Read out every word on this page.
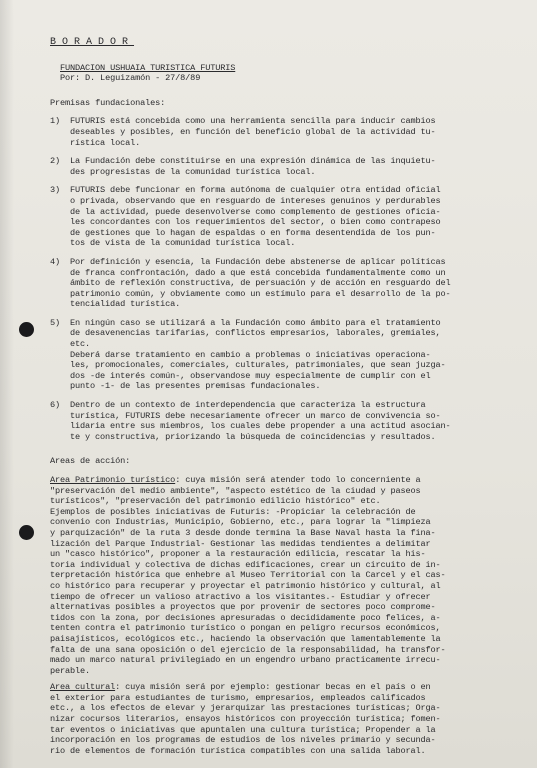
BORADOR
FUNDACION USHUAIA TURISTICA FUTURIS
Por: D. Leguizamón - 27/8/89
Premisas fundacionales:
1) FUTURIS está concebida como una herramienta sencilla para inducir cambios
deseables y posibles, en función del beneficio global de la actividad tu-
rística local.
2) La Fundación debe constituirse en una expresión dinámica de las inquietu-
des progresistas de la comunidad turística local.
3) FUTURIS debe funcionar en forma autónoma de cualquier otra entidad oficial
o privada, observando que en resguardo de intereses genuinos y perdurables
de la actividad, puede desenvolverse como complemento de gestiones oficia-
les concordantes con los requerimientos del sector, o bien como contrapeso
de gestiones que lo hagan de espaldas o en forma desentendida de los pun-
tos de vista de la comunidad turística local.
4) Por definición y esencia, la Fundación debe abstenerse de aplicar políticas
de franca confrontación, dado a que está concebida fundamentalmente como un
ámbito de reflexión constructiva, de persuación y de acción en resguardo del
patrimonio común, y obviamente como un estímulo para el desarrollo de la po-
tencialidad turística.
5) En ningún caso se utilizará a la Fundación como ámbito para el tratamiento
de desavenencias tarifarias, conflictos empresarios, laborales, gremiales,
etc.
Deberá darse tratamiento en cambio a problemas o iniciativas operaciona-
les, promocionales, comerciales, culturales, patrimoniales, que sean juzga-
dos -de interés común-, observandose muy especialmente de cumplir con el
punto -1- de las presentes premisas fundacionales.
6) Dentro de un contexto de interdependencia que caracteriza la estructura
turística, FUTURIS debe necesariamente ofrecer un marco de convivencia so-
lidaria entre sus miembros, los cuales debe propender a una actitud asocian-
te y constructiva, priorizando la búsqueda de coincidencias y resultados.
Areas de acción:
Area Patrimonio turístico: cuya misión será atender todo lo concerniente a
"preservación del medio ambiente", "aspecto estético de la ciudad y paseos
turísticos", "preservación del patrimonio edilicio histórico" etc.
Ejemplos de posibles iniciativas de Futuris: -Propiciar la celebración de
convenio con Industrias, Municipio, Gobierno, etc., para lograr la "limpieza
y parquización" de la ruta 3 desde donde termina la Base Naval hasta la fina-
lización del Parque Industrial- Gestionar las medidas tendientes a delimitar
un "casco histórico", proponer a la restauración edilicia, rescatar la his-
toria individual y colectiva de dichas edificaciones, crear un circuito de in-
terpretación histórica que enhebre al Museo Territorial con la Carcel y el cas-
co histórico para recuperar y proyectar el patrimonio histórico y cultural, al
tiempo de ofrecer un valioso atractivo a los visitantes.- Estudiar y ofrecer
alternativas posibles a proyectos que por provenir de sectores poco comprome-
tidos con la zona, por decisiones apresuradas o decididamente poco felices, a-
tenten contra el patrimonio turístico o pongan en peligro recursos económicos,
paisajísticos, ecológicos etc., haciendo la observación que lamentablemente la
falta de una sana oposición o del ejercicio de la responsabilidad, ha transfor-
mado un marco natural privilegiado en un engendro urbano practicamente irrecu-
perable.
Area cultural: cuya misión será por ejemplo: gestionar becas en el país o en
el exterior para estudiantes de turismo, empresarios, empleados calificados
etc., a los efectos de elevar y jerarquizar las prestaciones turísticas; Orga-
nizar cocursos literarios, ensayos históricos con proyección turística; fomen-
tar eventos o iniciativas que apuntalen una cultura turística; Propender a la
incorporación en los programas de estudios de los niveles primario y secunda-
rio de elementos de formación turística compatibles con una salida laboral.
